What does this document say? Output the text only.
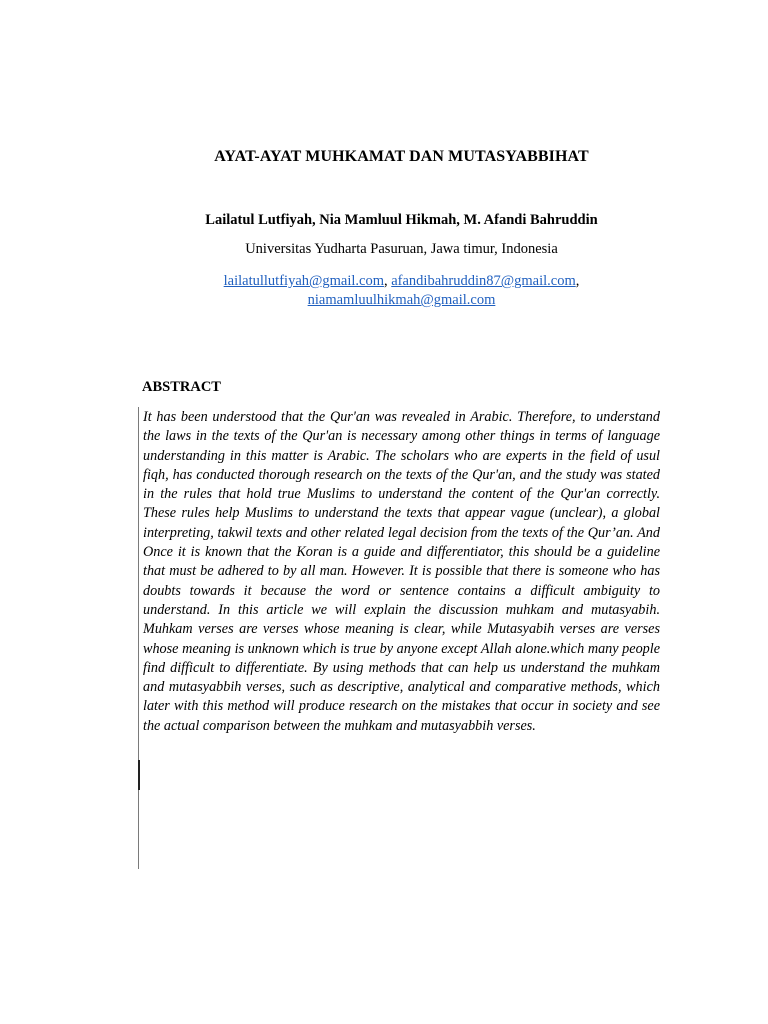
AYAT-AYAT MUHKAMAT DAN MUTASYABBIHAT

Lailatul Lutfiyah, Nia Mamluul Hikmah, M. Afandi Bahruddin

Universitas Yudharta Pasuruan, Jawa timur, Indonesia

lailatullutfiyah@gmail.com, afandibahruddin87@gmail.com,
niamamluulhikmah@gmail.com

ABSTRACT

It has been understood that the Qur'an was revealed in Arabic. Therefore, to understand the laws in the texts of the Qur'an is necessary among other things in terms of language understanding in this matter is Arabic. The scholars who are experts in the field of usul fiqh, has conducted thorough research on the texts of the Qur'an, and the study was stated in the rules that hold true Muslims to understand the content of the Qur'an correctly. These rules help Muslims to understand the texts that appear vague (unclear), a global interpreting, takwil texts and other related legal decision from the texts of the Qur’an. And Once it is known that the Koran is a guide and differentiator, this should be a guideline that must be adhered to by all man. However. It is possible that there is someone who has doubts towards it because the word or sentence contains a difficult ambiguity to understand. In this article we will explain the discussion muhkam and mutasyabih. Muhkam verses are verses whose meaning is clear, while Mutasyabih verses are verses whose meaning is unknown which is true by anyone except Allah alone.which many people find difficult to differentiate. By using methods that can help us understand the muhkam and mutasyabbih verses, such as descriptive, analytical and comparative methods, which later with this method will produce research on the mistakes that occur in society and see the actual comparison between the muhkam and mutasyabbih verses.
